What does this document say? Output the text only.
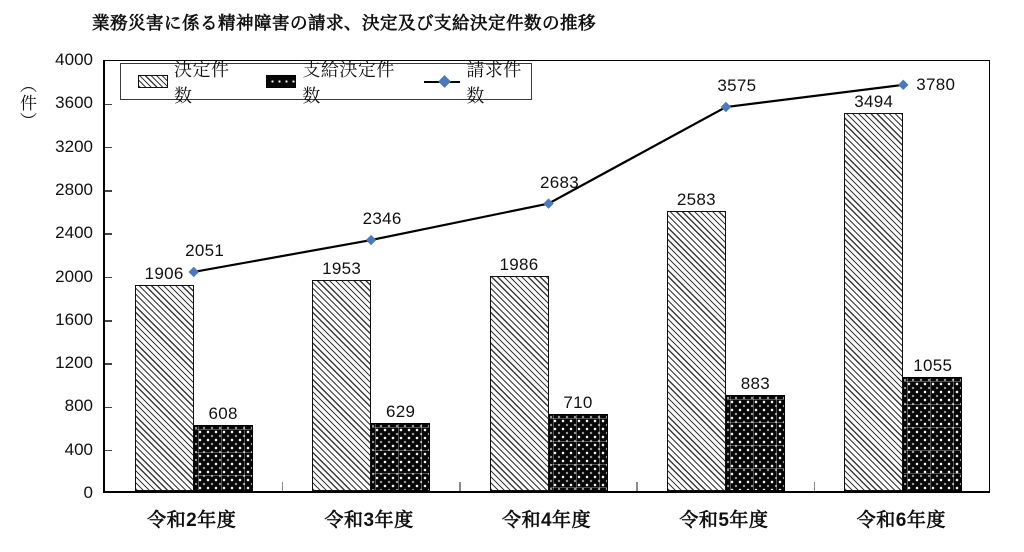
業務災害に係る精神障害の請求、決定及び支給決定件数の推移
（件）
1906	1953	1986
2583
3494
608	629	710
883
1055
2051
2346
2683
3575	3780
決定件数
支給決定件数
請求件数
0
400
800
1200
1600
2000
2400
2800
3200
3600
4000
令和2年度	令和3年度	令和4年度	令和5年度	令和6年度
